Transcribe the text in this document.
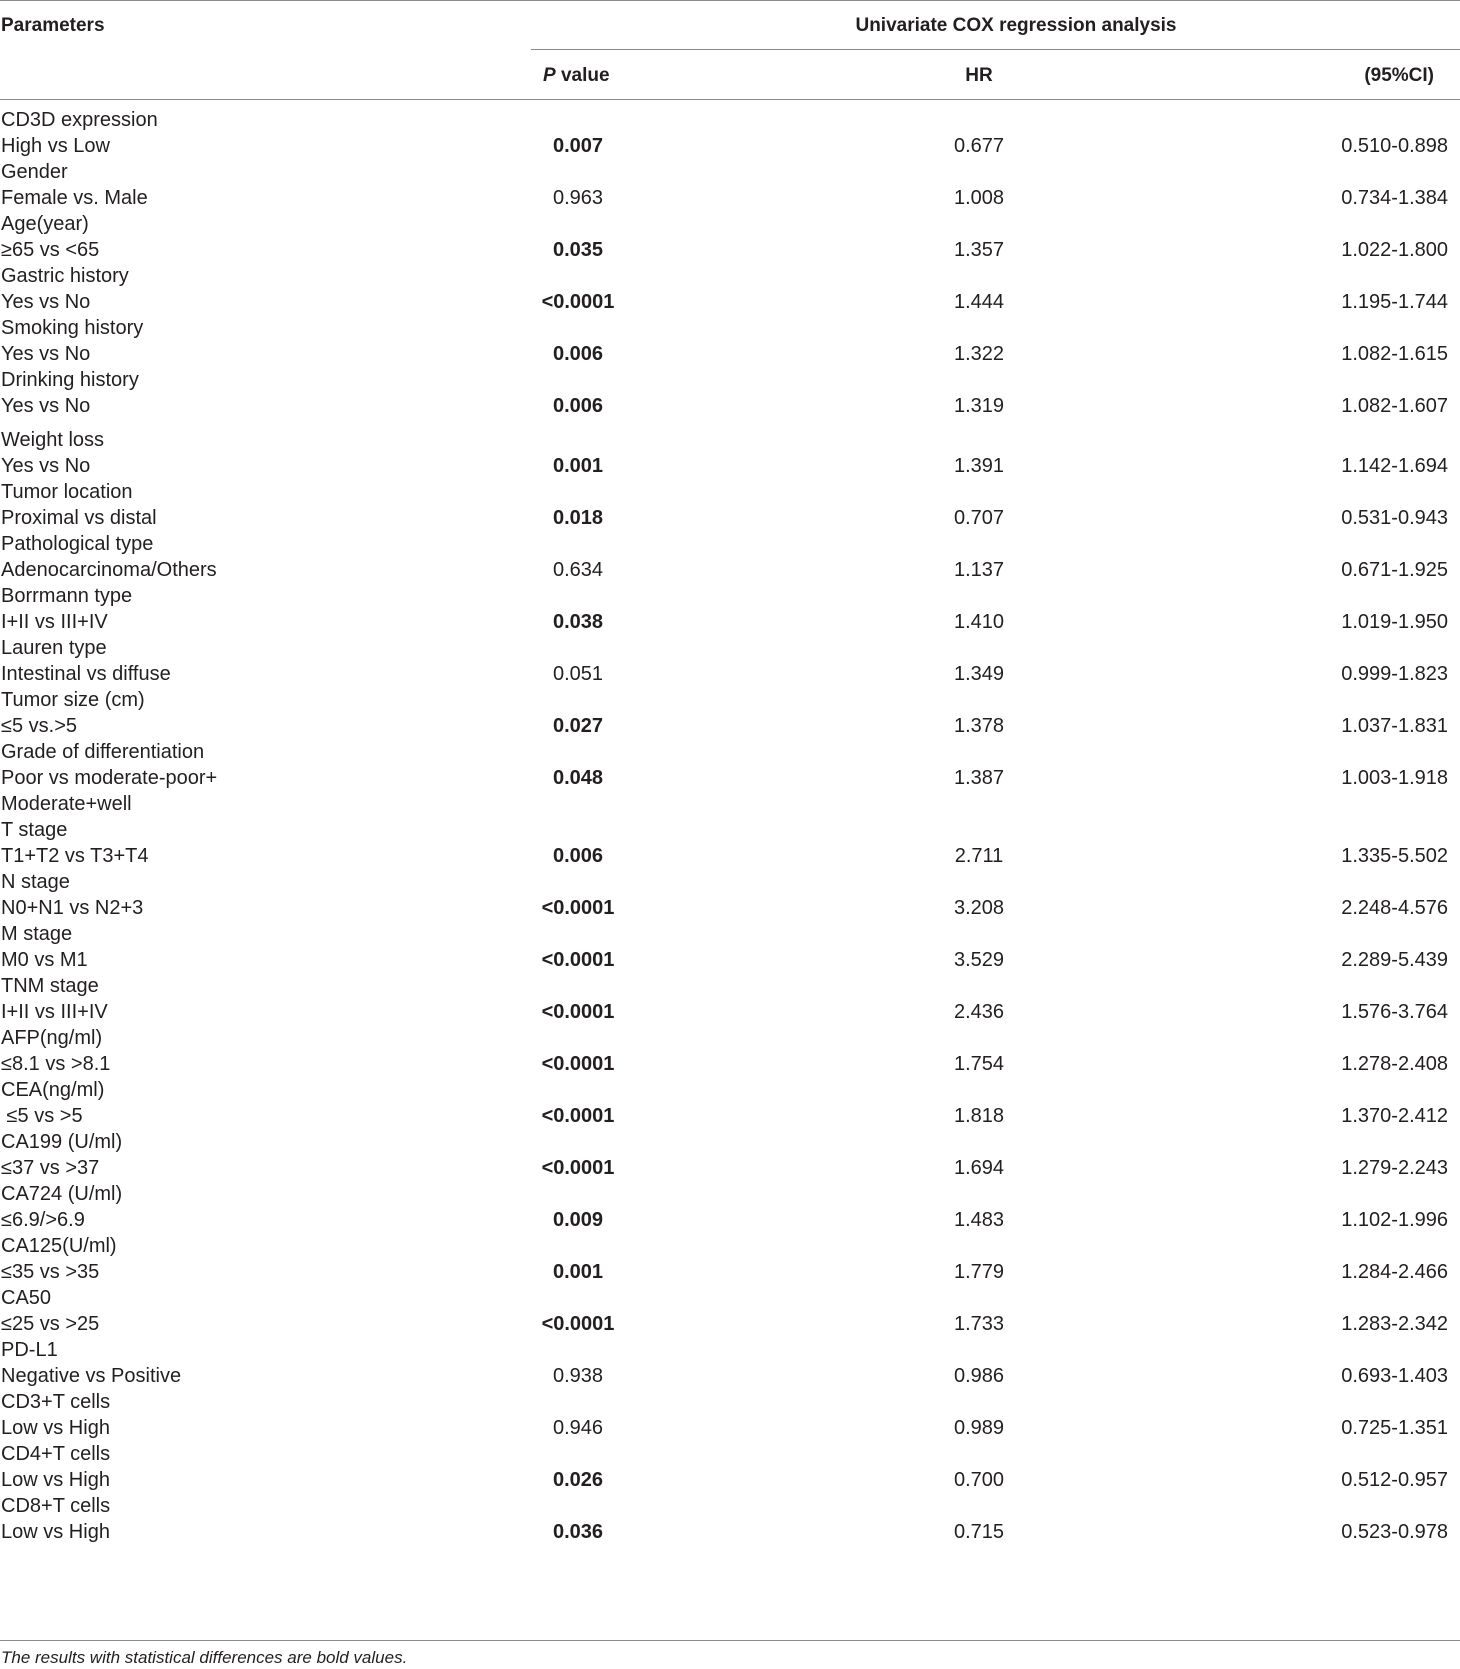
Parameters	Univariate COX regression analysis
P value	HR	(95%CI)
CD3D expression
High vs Low	0.007	0.677	0.510-0.898
Gender
Female vs. Male	0.963	1.008	0.734-1.384
Age(year)
≥65 vs <65	0.035	1.357	1.022-1.800
Gastric history
Yes vs No	<0.0001	1.444	1.195-1.744
Smoking history
Yes vs No	0.006	1.322	1.082-1.615
Drinking history
Yes vs No	0.006	1.319	1.082-1.607
Weight loss
Yes vs No	0.001	1.391	1.142-1.694
Tumor location
Proximal vs distal	0.018	0.707	0.531-0.943
Pathological type
Adenocarcinoma/Others	0.634	1.137	0.671-1.925
Borrmann type
I+II vs III+IV	0.038	1.410	1.019-1.950
Lauren type
Intestinal vs diffuse	0.051	1.349	0.999-1.823
Tumor size (cm)
≤5 vs.>5	0.027	1.378	1.037-1.831
Grade of differentiation
Poor vs moderate-poor+
Moderate+well
0.048	1.387	1.003-1.918
T stage
T1+T2 vs T3+T4	0.006	2.711	1.335-5.502
N stage
N0+N1 vs N2+3	<0.0001	3.208	2.248-4.576
M stage
M0 vs M1	<0.0001	3.529	2.289-5.439
TNM stage
I+II vs III+IV	<0.0001	2.436	1.576-3.764
AFP(ng/ml)
≤8.1 vs >8.1	<0.0001	1.754	1.278-2.408
CEA(ng/ml)
≤5 vs >5	<0.0001	1.818	1.370-2.412
CA199 (U/ml)
≤37 vs >37	<0.0001	1.694	1.279-2.243
CA724 (U/ml)
≤6.9/>6.9	0.009	1.483	1.102-1.996
CA125(U/ml)
≤35 vs >35	0.001	1.779	1.284-2.466
CA50
≤25 vs >25	<0.0001	1.733	1.283-2.342
PD-L1
Negative vs Positive	0.938	0.986	0.693-1.403
CD3+T cells
Low vs High	0.946	0.989	0.725-1.351
CD4+T cells
Low vs High	0.026	0.700	0.512-0.957
CD8+T cells
Low vs High	0.036	0.715	0.523-0.978
The results with statistical differences are bold values.
